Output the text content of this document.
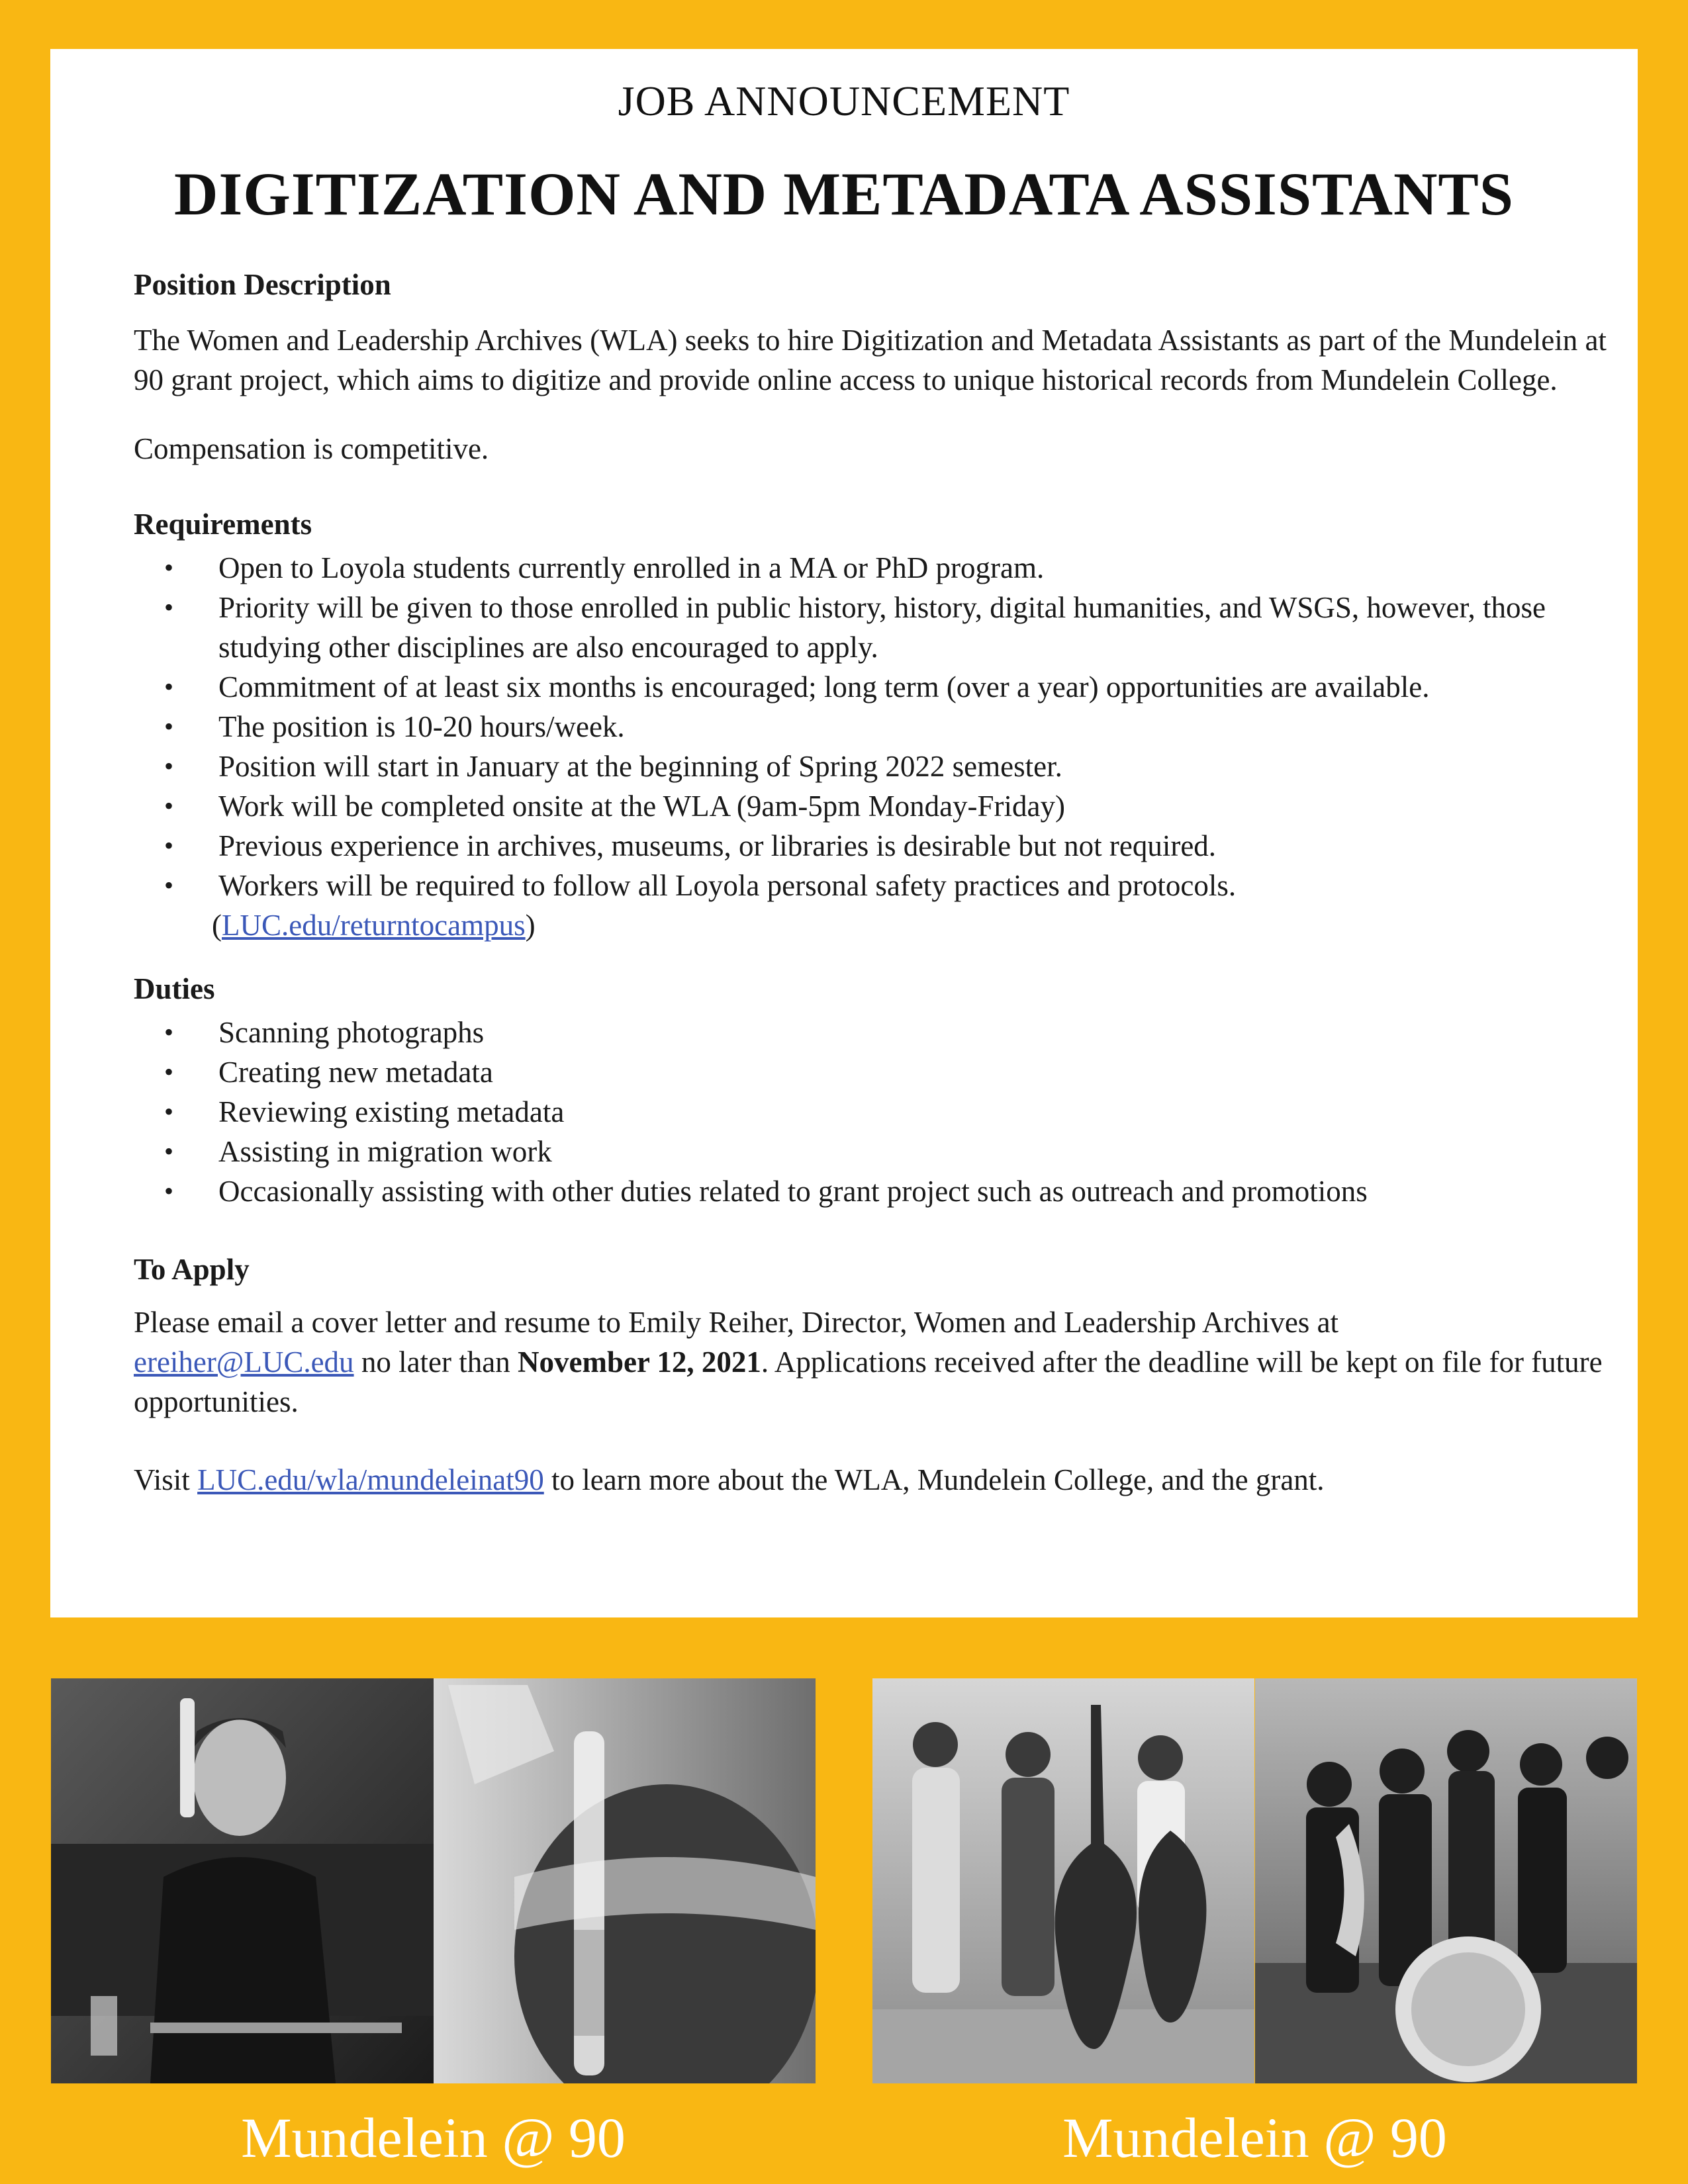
JOB ANNOUNCEMENT
DIGITIZATION AND METADATA ASSISTANTS
Position Description

The Women and Leadership Archives (WLA) seeks to hire Digitization and Metadata Assistants as part of the Mundelein at 90 grant project, which aims to digitize and provide online access to unique historical records from Mundelein College.

Compensation is competitive.

Requirements
• Open to Loyola students currently enrolled in a MA or PhD program.
• Priority will be given to those enrolled in public history, history, digital humanities, and WSGS, however, those studying other disciplines are also encouraged to apply.
• Commitment of at least six months is encouraged; long term (over a year) opportunities are available.
• The position is 10-20 hours/week.
• Position will start in January at the beginning of Spring 2022 semester.
• Work will be completed onsite at the WLA (9am-5pm Monday-Friday)
• Previous experience in archives, museums, or libraries is desirable but not required.
• Workers will be required to follow all Loyola personal safety practices and protocols.
(LUC.edu/returntocampus)
Duties
• Scanning photographs
• Creating new metadata
• Reviewing existing metadata
• Assisting in migration work
• Occasionally assisting with other duties related to grant project such as outreach and promotions
To Apply

Please email a cover letter and resume to Emily Reiher, Director, Women and Leadership Archives at
ereiher@LUC.edu no later than November 12, 2021. Applications received after the deadline will be kept on file for future opportunities.

Visit LUC.edu/wla/mundeleinat90 to learn more about the WLA, Mundelein College, and the grant.

Mundelein @ 90	Mundelein @ 90
